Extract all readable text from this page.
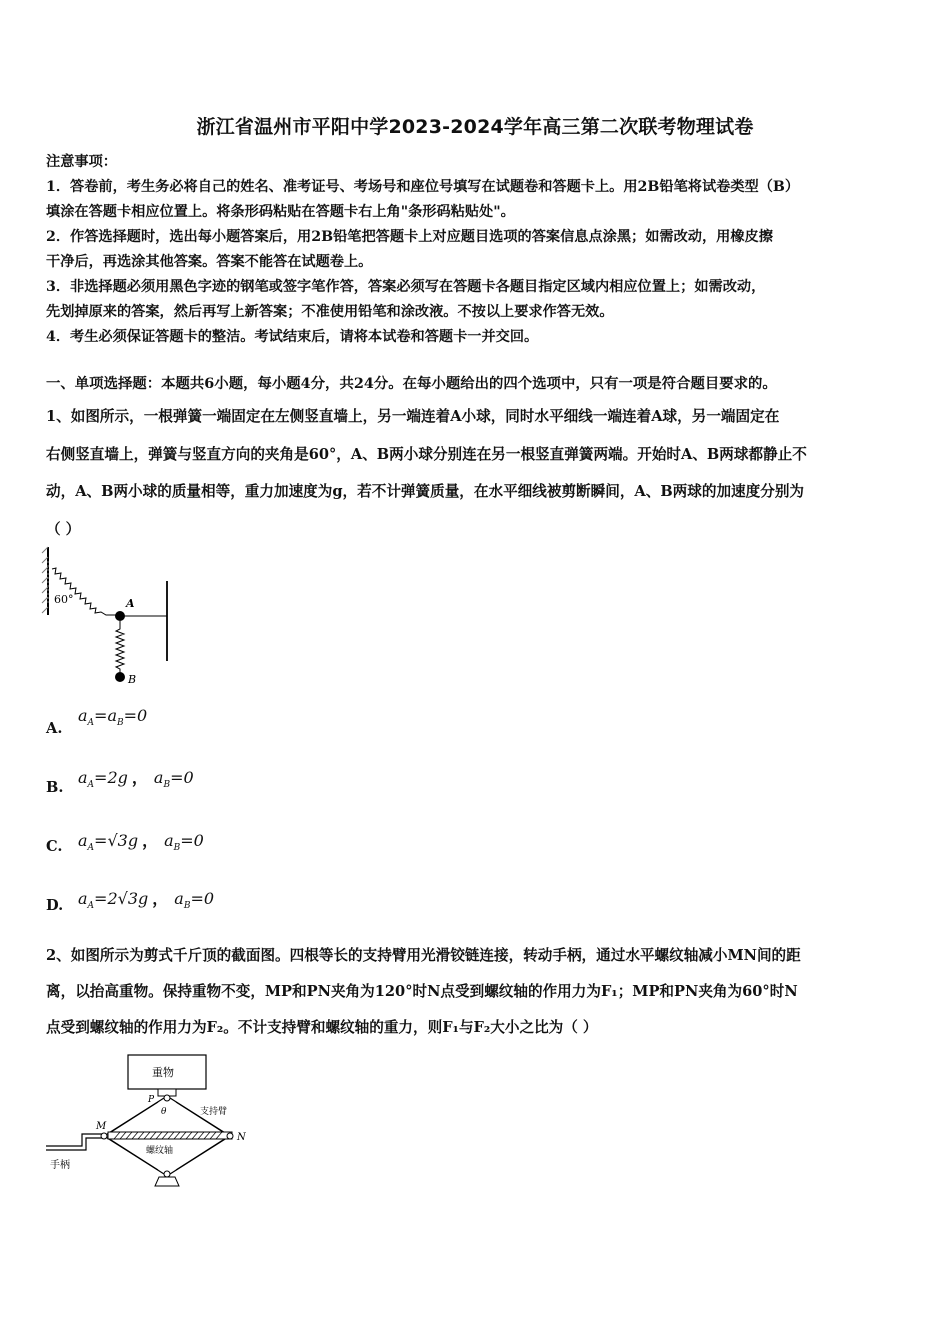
浙江省温州市平阳中学2023-2024学年高三第二次联考物理试卷
注意事项：
1．答卷前，考生务必将自己的姓名、准考证号、考场号和座位号填写在试题卷和答题卡上。用2B铅笔将试卷类型（B）
填涂在答题卡相应位置上。将条形码粘贴在答题卡右上角"条形码粘贴处"。
2．作答选择题时，选出每小题答案后，用2B铅笔把答题卡上对应题目选项的答案信息点涂黑；如需改动，用橡皮擦
干净后，再选涂其他答案。答案不能答在试题卷上。
3．非选择题必须用黑色字迹的钢笔或签字笔作答，答案必须写在答题卡各题目指定区域内相应位置上；如需改动，
先划掉原来的答案，然后再写上新答案；不准使用铅笔和涂改液。不按以上要求作答无效。
4．考生必须保证答题卡的整洁。考试结束后，请将本试卷和答题卡一并交回。
一、单项选择题：本题共6小题，每小题4分，共24分。在每小题给出的四个选项中，只有一项是符合题目要求的。
1、如图所示，一根弹簧一端固定在左侧竖直墙上，另一端连着A小球，同时水平细线一端连着A球，另一端固定在
右侧竖直墙上，弹簧与竖直方向的夹角是60°，A、B两小球分别连在另一根竖直弹簧两端。开始时A、B两球都静止不
动，A、B两小球的质量相等，重力加速度为g，若不计弹簧质量，在水平细线被剪断瞬间，A、B两球的加速度分别为
（ ）
60°	A
B
A.
$a_A=a_B=0$
B.
$a_A=2g$ ， $a_B=0$
C. $a_A=√3g$ ， $a_B=0$
D. $a_A=2√3g$ ， $a_B=0$
2、如图所示为剪式千斤顶的截面图。四根等长的支持臂用光滑铰链连接，转动手柄，通过水平螺纹轴减小MN间的距
离，以抬高重物。保持重物不变，MP和PN夹角为120°时N点受到螺纹轴的作用力为F₁；MP和PN夹角为60°时N
点受到螺纹轴的作用力为F₂。不计支持臂和螺纹轴的重力，则F₁与F₂大小之比为（ ）
重物
P
θ	支持臂
M
N
螺纹轴
手柄
